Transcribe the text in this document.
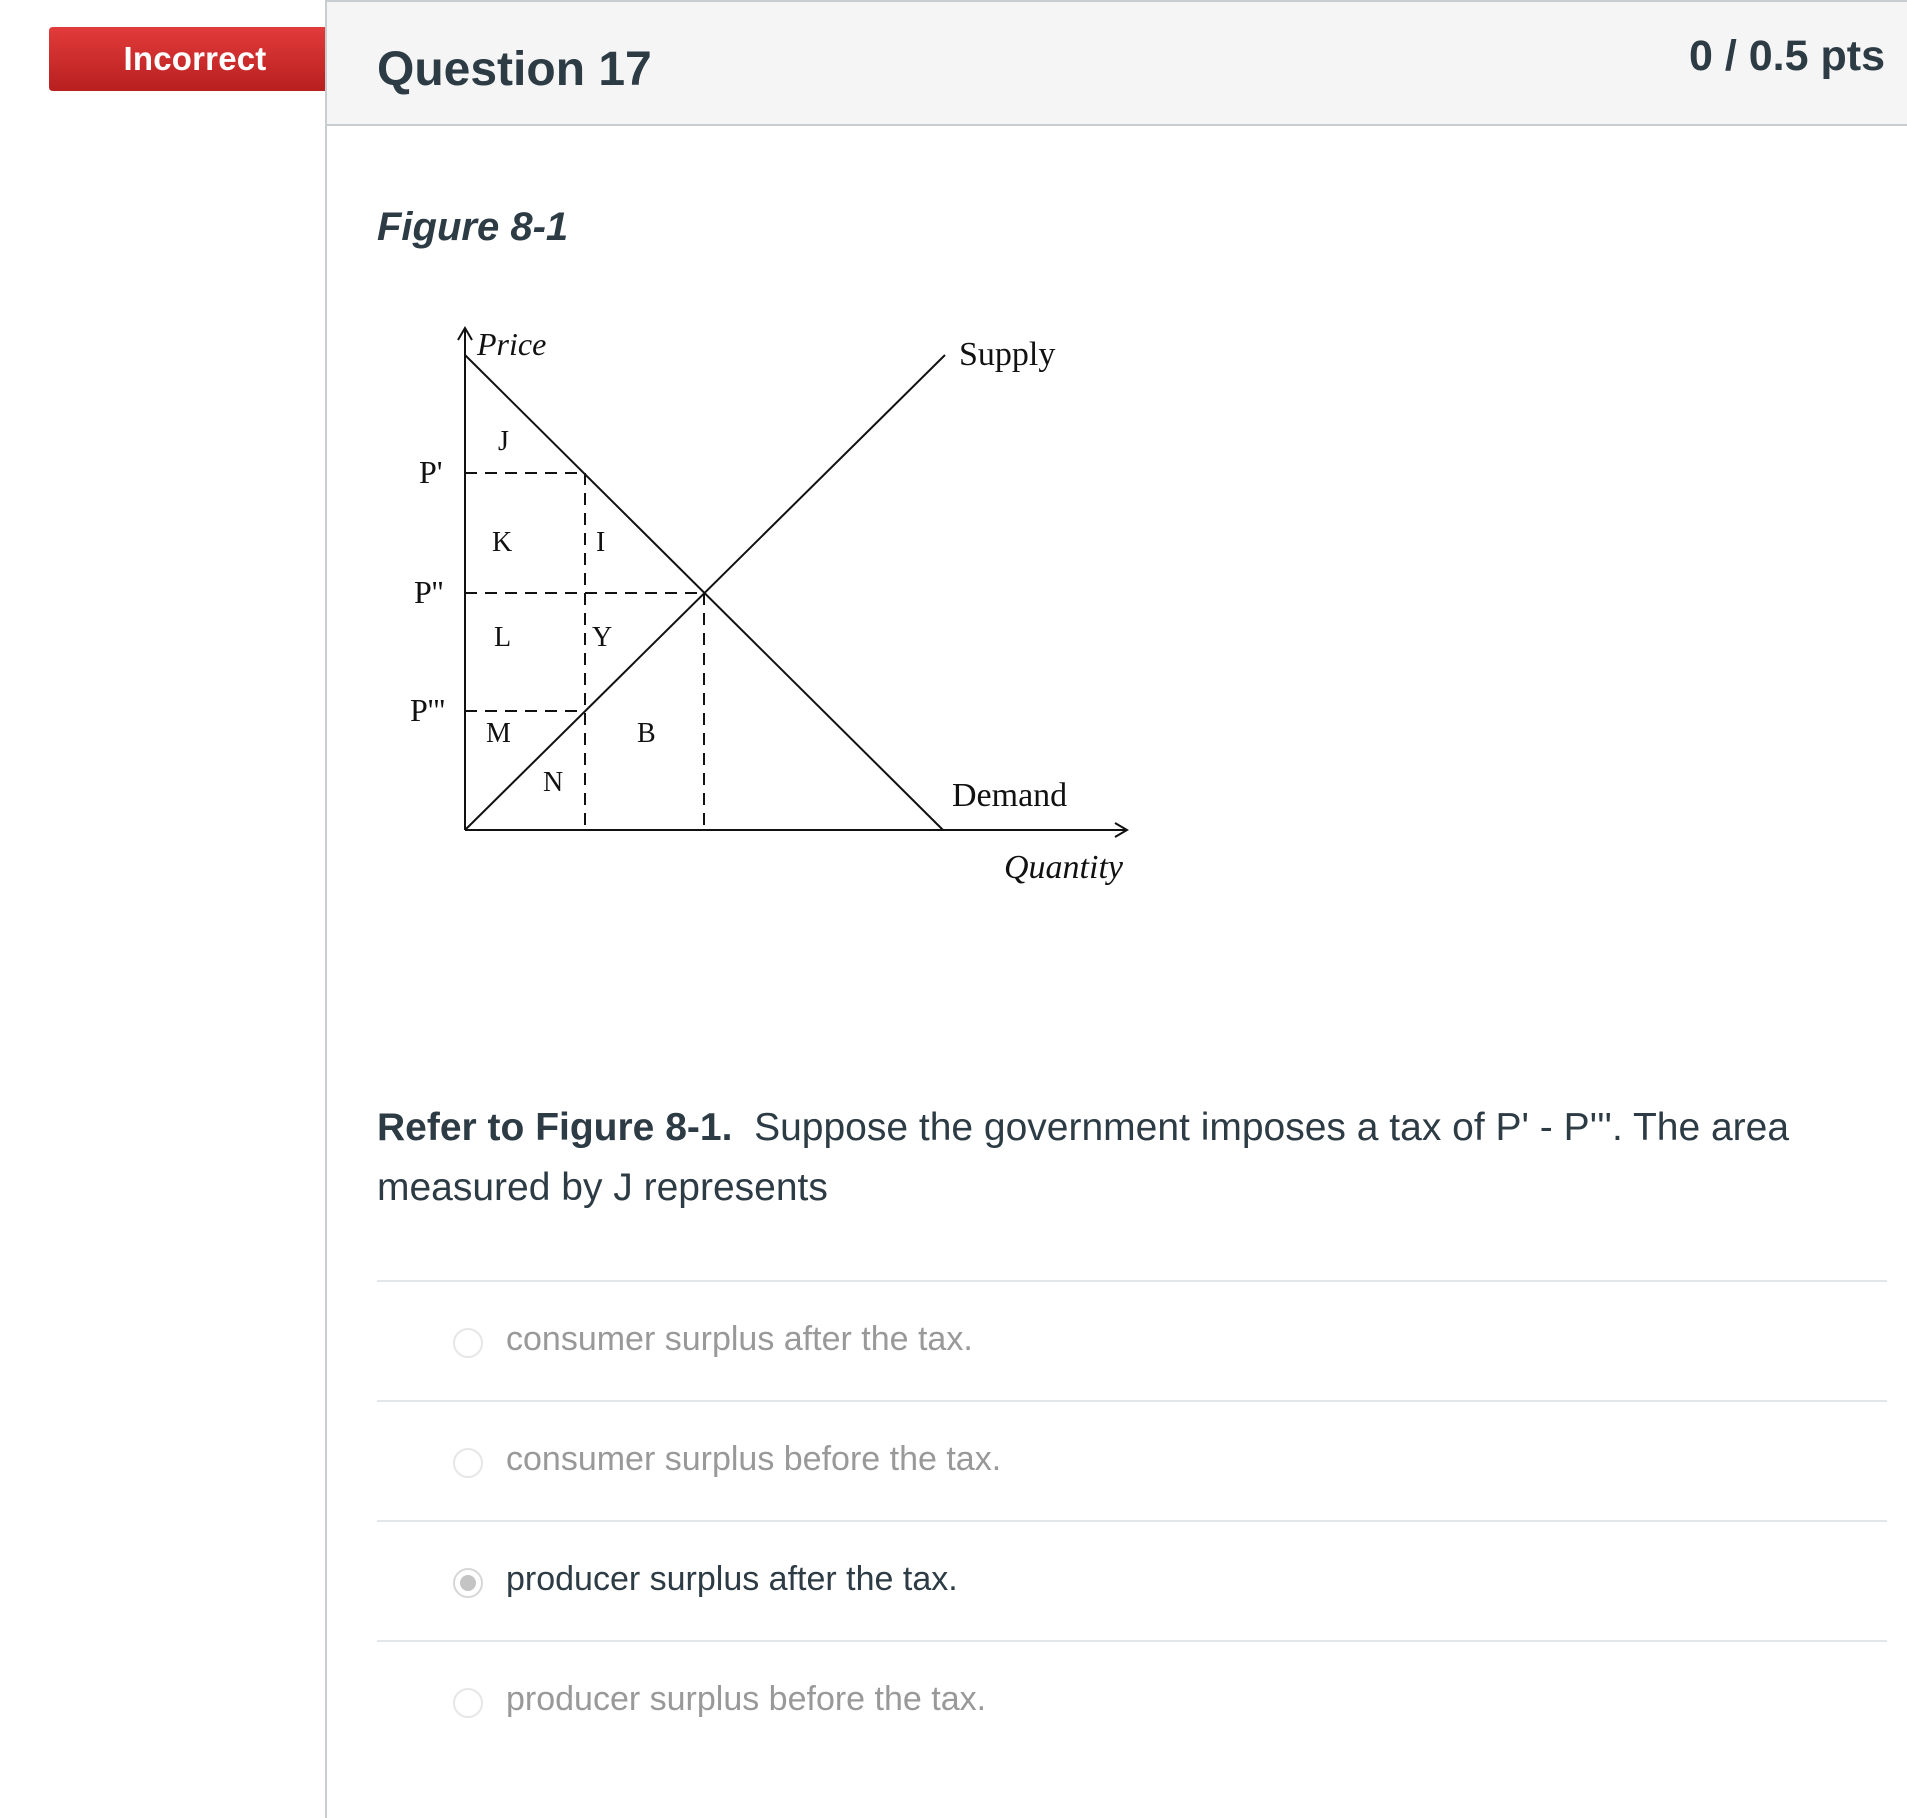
Incorrect	Question 17	0 / 0.5 pts
Figure 8-1
Price
Quantity
Supply
Demand
P'
P''
P'''
J
K	I
L	Y
M	B
N
Refer to Figure 8-1. Suppose the government imposes a tax of P' - P'''. The area measured by J represents
consumer surplus after the tax.
consumer surplus before the tax.
producer surplus after the tax.
producer surplus before the tax.
